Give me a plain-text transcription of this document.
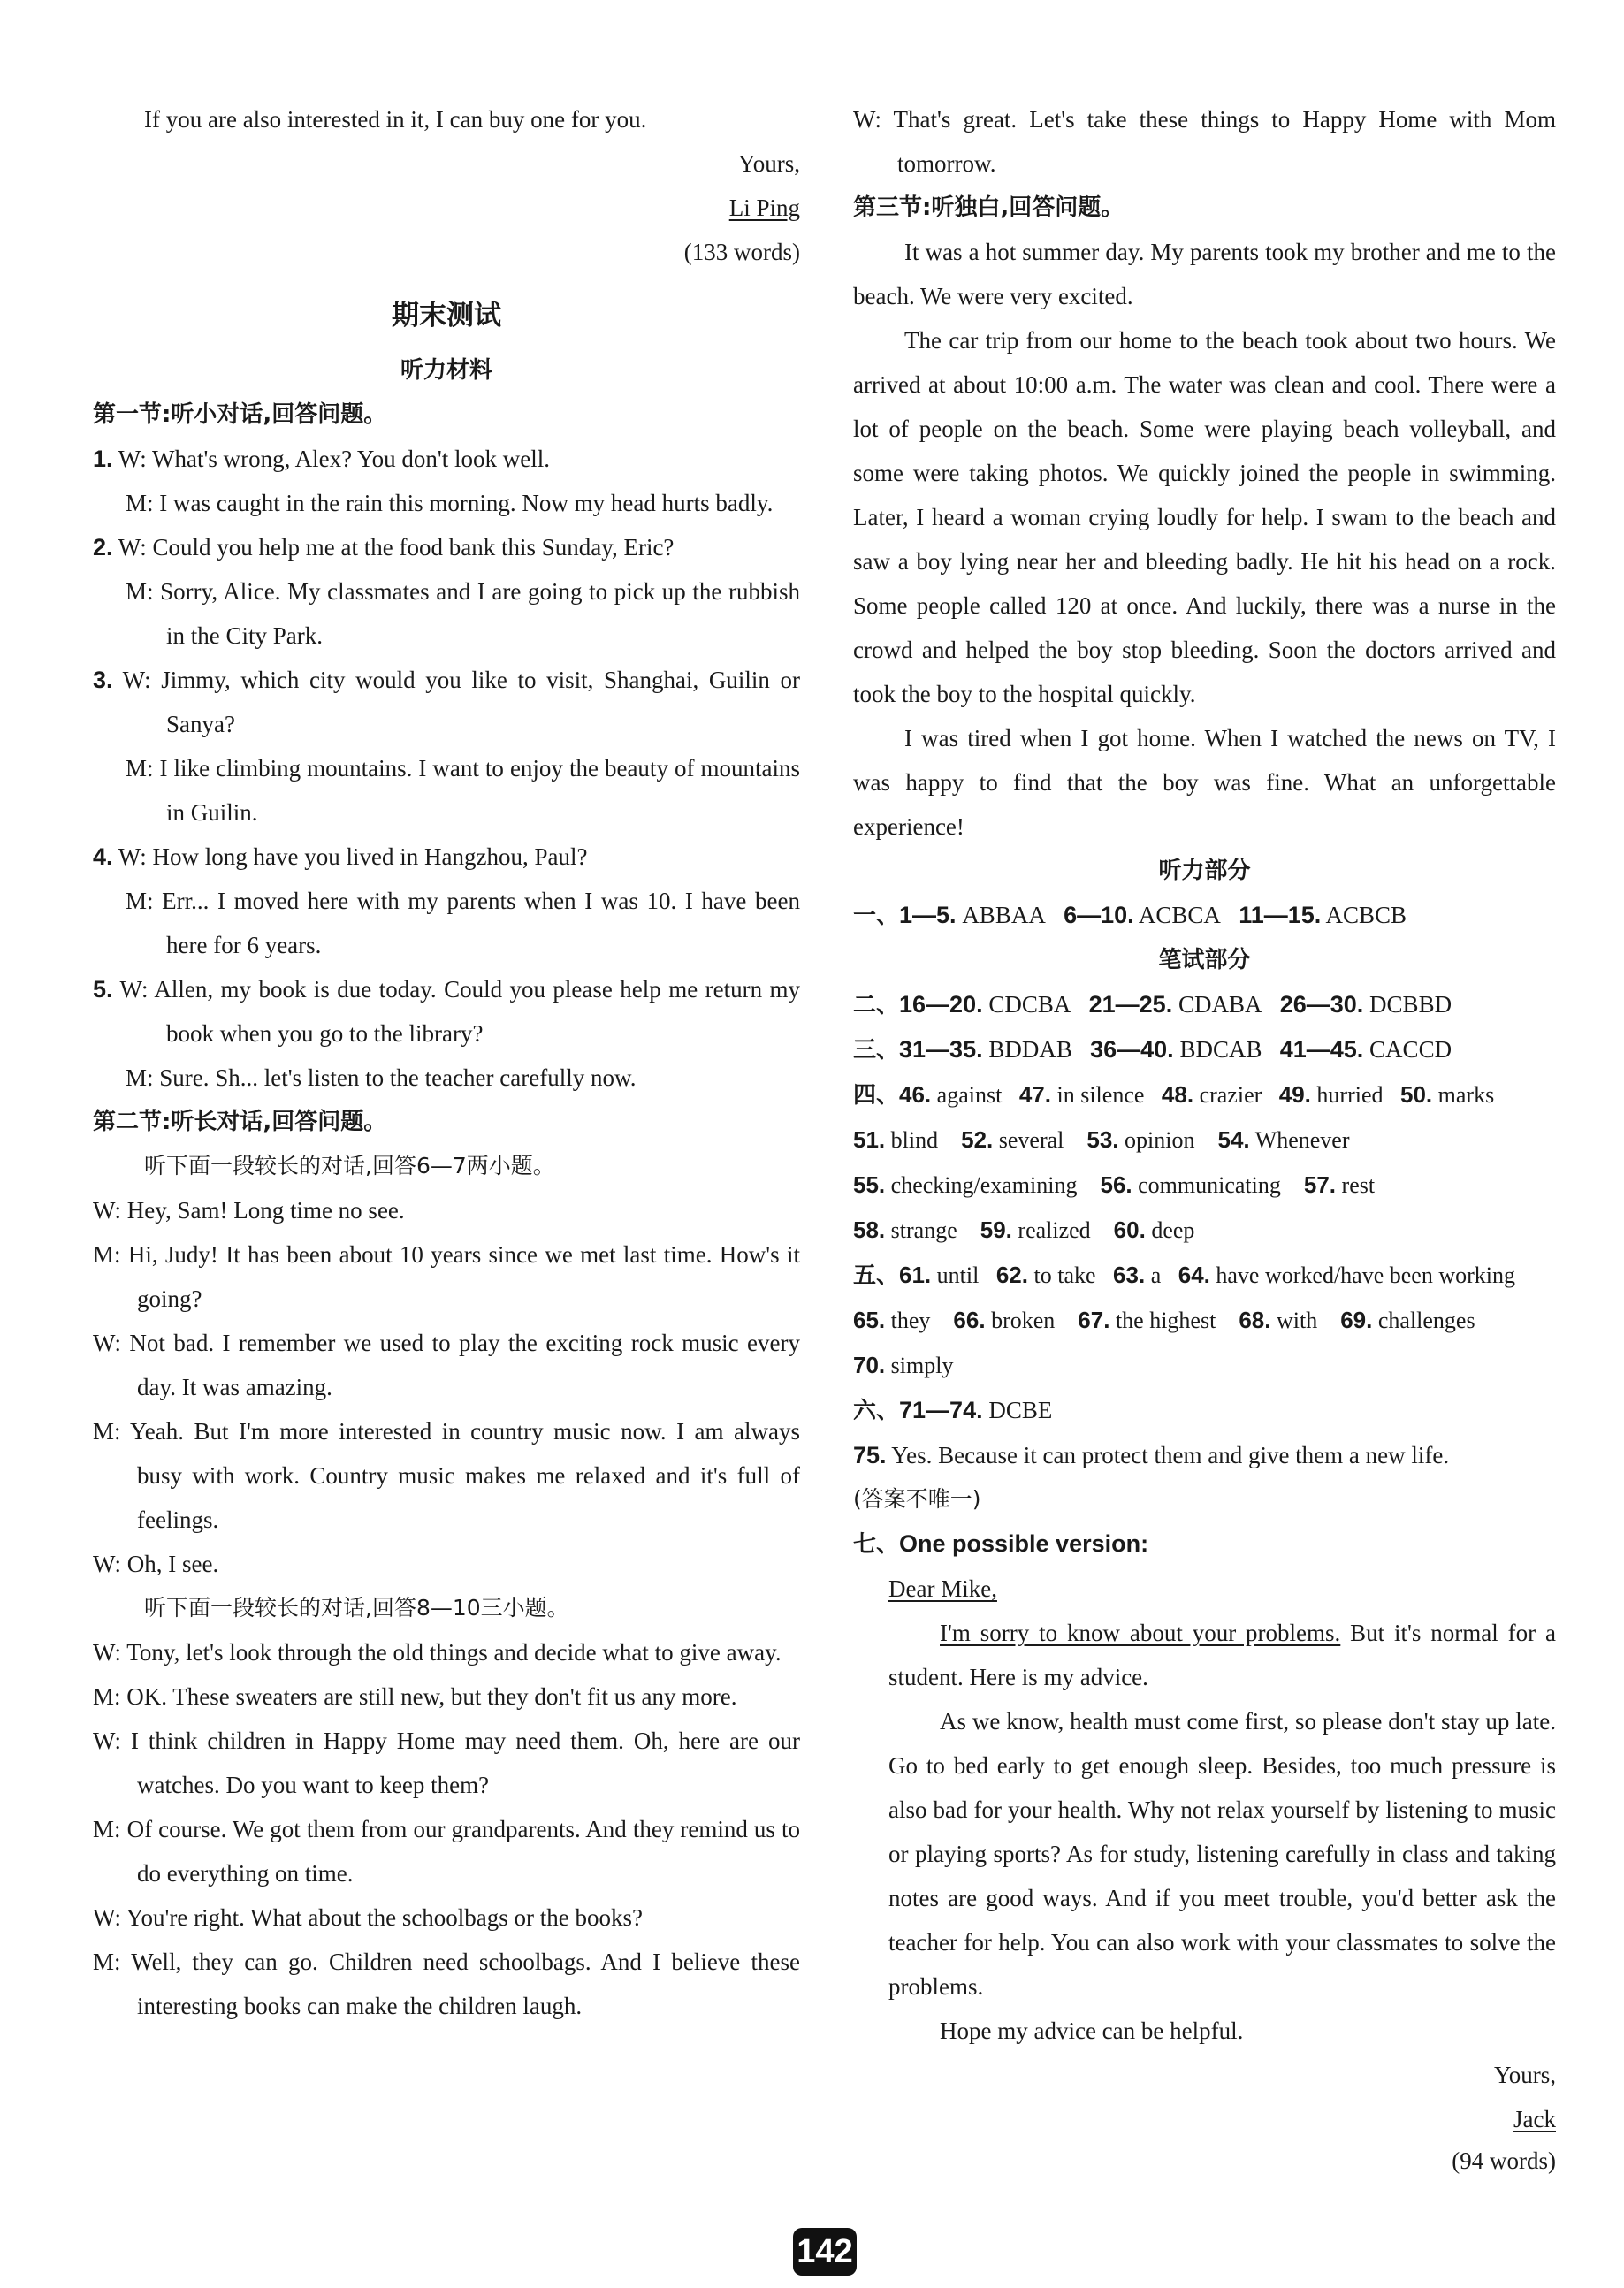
If you are also interested in it, I can buy one for you.

Yours,

Li Ping

(133 words)

期末测试
听力材料
第一节:听小对话,回答问题。

1. W: What's wrong, Alex? You don't look well.

M: I was caught in the rain this morning. Now my head hurts badly.

2. W: Could you help me at the food bank this Sunday, Eric?

M: Sorry, Alice. My classmates and I are going to pick up the rubbish in the City Park.

3. W: Jimmy, which city would you like to visit, Shanghai, Guilin or Sanya?

M: I like climbing mountains. I want to enjoy the beauty of mountains in Guilin.

4. W: How long have you lived in Hangzhou, Paul?

M: Err... I moved here with my parents when I was 10. I have been here for 6 years.

5. W: Allen, my book is due today. Could you please help me return my book when you go to the library?

M: Sure. Sh... let's listen to the teacher carefully now.

第二节:听长对话,回答问题。

听下面一段较长的对话,回答6—7两小题。

W: Hey, Sam! Long time no see.

M: Hi, Judy! It has been about 10 years since we met last time. How's it going?

W: Not bad. I remember we used to play the exciting rock music every day. It was amazing.

M: Yeah. But I'm more interested in country music now. I am always busy with work. Country music makes me relaxed and it's full of feelings.

W: Oh, I see.

听下面一段较长的对话,回答8—10三小题。

W: Tony, let's look through the old things and decide what to give away.

M: OK. These sweaters are still new, but they don't fit us any more.

W: I think children in Happy Home may need them. Oh, here are our watches. Do you want to keep them?

M: Of course. We got them from our grandparents. And they remind us to do everything on time.

W: You're right. What about the schoolbags or the books?

M: Well, they can go. Children need schoolbags. And I believe these interesting books can make the children laugh.

W: That's great. Let's take these things to Happy Home with Mom tomorrow.

第三节:听独白,回答问题。

It was a hot summer day. My parents took my brother and me to the beach. We were very excited.

The car trip from our home to the beach took about two hours. We arrived at about 10:00 a.m. The water was clean and cool. There were a lot of people on the beach. Some were playing beach volleyball, and some were taking photos. We quickly joined the people in swimming. Later, I heard a woman crying loudly for help. I swam to the beach and saw a boy lying near her and bleeding badly. He hit his head on a rock. Some people called 120 at once. And luckily, there was a nurse in the crowd and helped the boy stop bleeding. Soon the doctors arrived and took the boy to the hospital quickly.

I was tired when I got home. When I watched the news on TV, I was happy to find that the boy was fine. What an unforgettable experience!

听力部分

一、1—5. ABBAA 6—10. ACBCA 11—15. ACBCB

笔试部分

二、16—20. CDCBA 21—25. CDABA 26—30. DCBBD

三、31—35. BDDAB 36—40. BDCAB 41—45. CACCD

四、46. against 47. in silence 48. crazier 49. hurried 50. marks
51. blind 52. several 53. opinion 54. Whenever
55. checking/examining 56. communicating 57. rest
58. strange 59. realized 60. deep

五、61. until 62. to take 63. a 64. have worked/have been working
65. they 66. broken 67. the highest 68. with 69. challenges
70. simply

六、71—74. DCBE

75. Yes. Because it can protect them and give them a new life.

(答案不唯一)

七、One possible version:

Dear Mike,

I'm sorry to know about your problems. But it's normal for a student. Here is my advice.

As we know, health must come first, so please don't stay up late. Go to bed early to get enough sleep. Besides, too much pressure is also bad for your health. Why not relax yourself by listening to music or playing sports? As for study, listening carefully in class and taking notes are good ways. And if you meet trouble, you'd better ask the teacher for help. You can also work with your classmates to solve the problems.

Hope my advice can be helpful.

Yours,

Jack

(94 words)

142
